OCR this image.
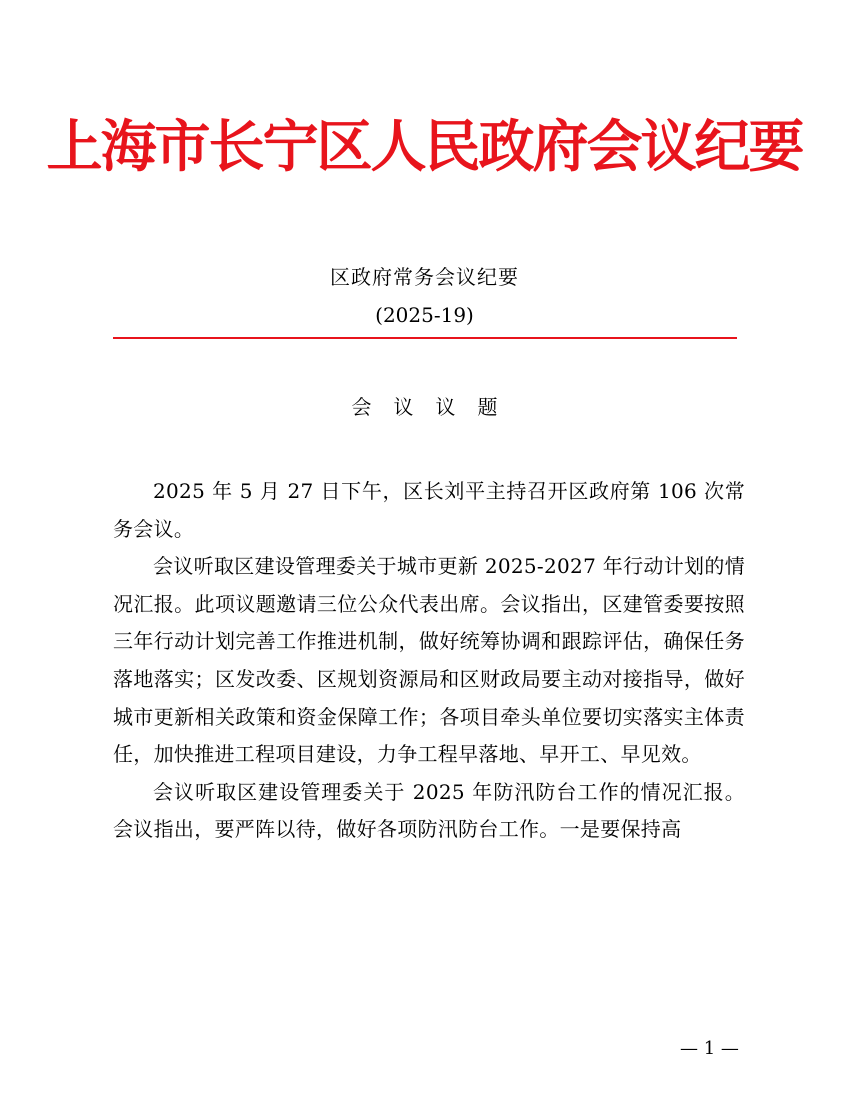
上海市长宁区人民政府会议纪要
区政府常务会议纪要
(2025-19)
会议议题

2025 年 5 月 27 日下午，区长刘平主持召开区政府第 106 次常务会议。

会议听取区建设管理委关于城市更新 2025-2027 年行动计划的情况汇报。此项议题邀请三位公众代表出席。会议指出，区建管委要按照三年行动计划完善工作推进机制，做好统筹协调和跟踪评估，确保任务落地落实；区发改委、区规划资源局和区财政局要主动对接指导，做好城市更新相关政策和资金保障工作；各项目牵头单位要切实落实主体责任，加快推进工程项目建设，力争工程早落地、早开工、早见效。

会议听取区建设管理委关于 2025 年防汛防台工作的情况汇报。会议指出，要严阵以待，做好各项防汛防台工作。一是要保持高

— 1 —
